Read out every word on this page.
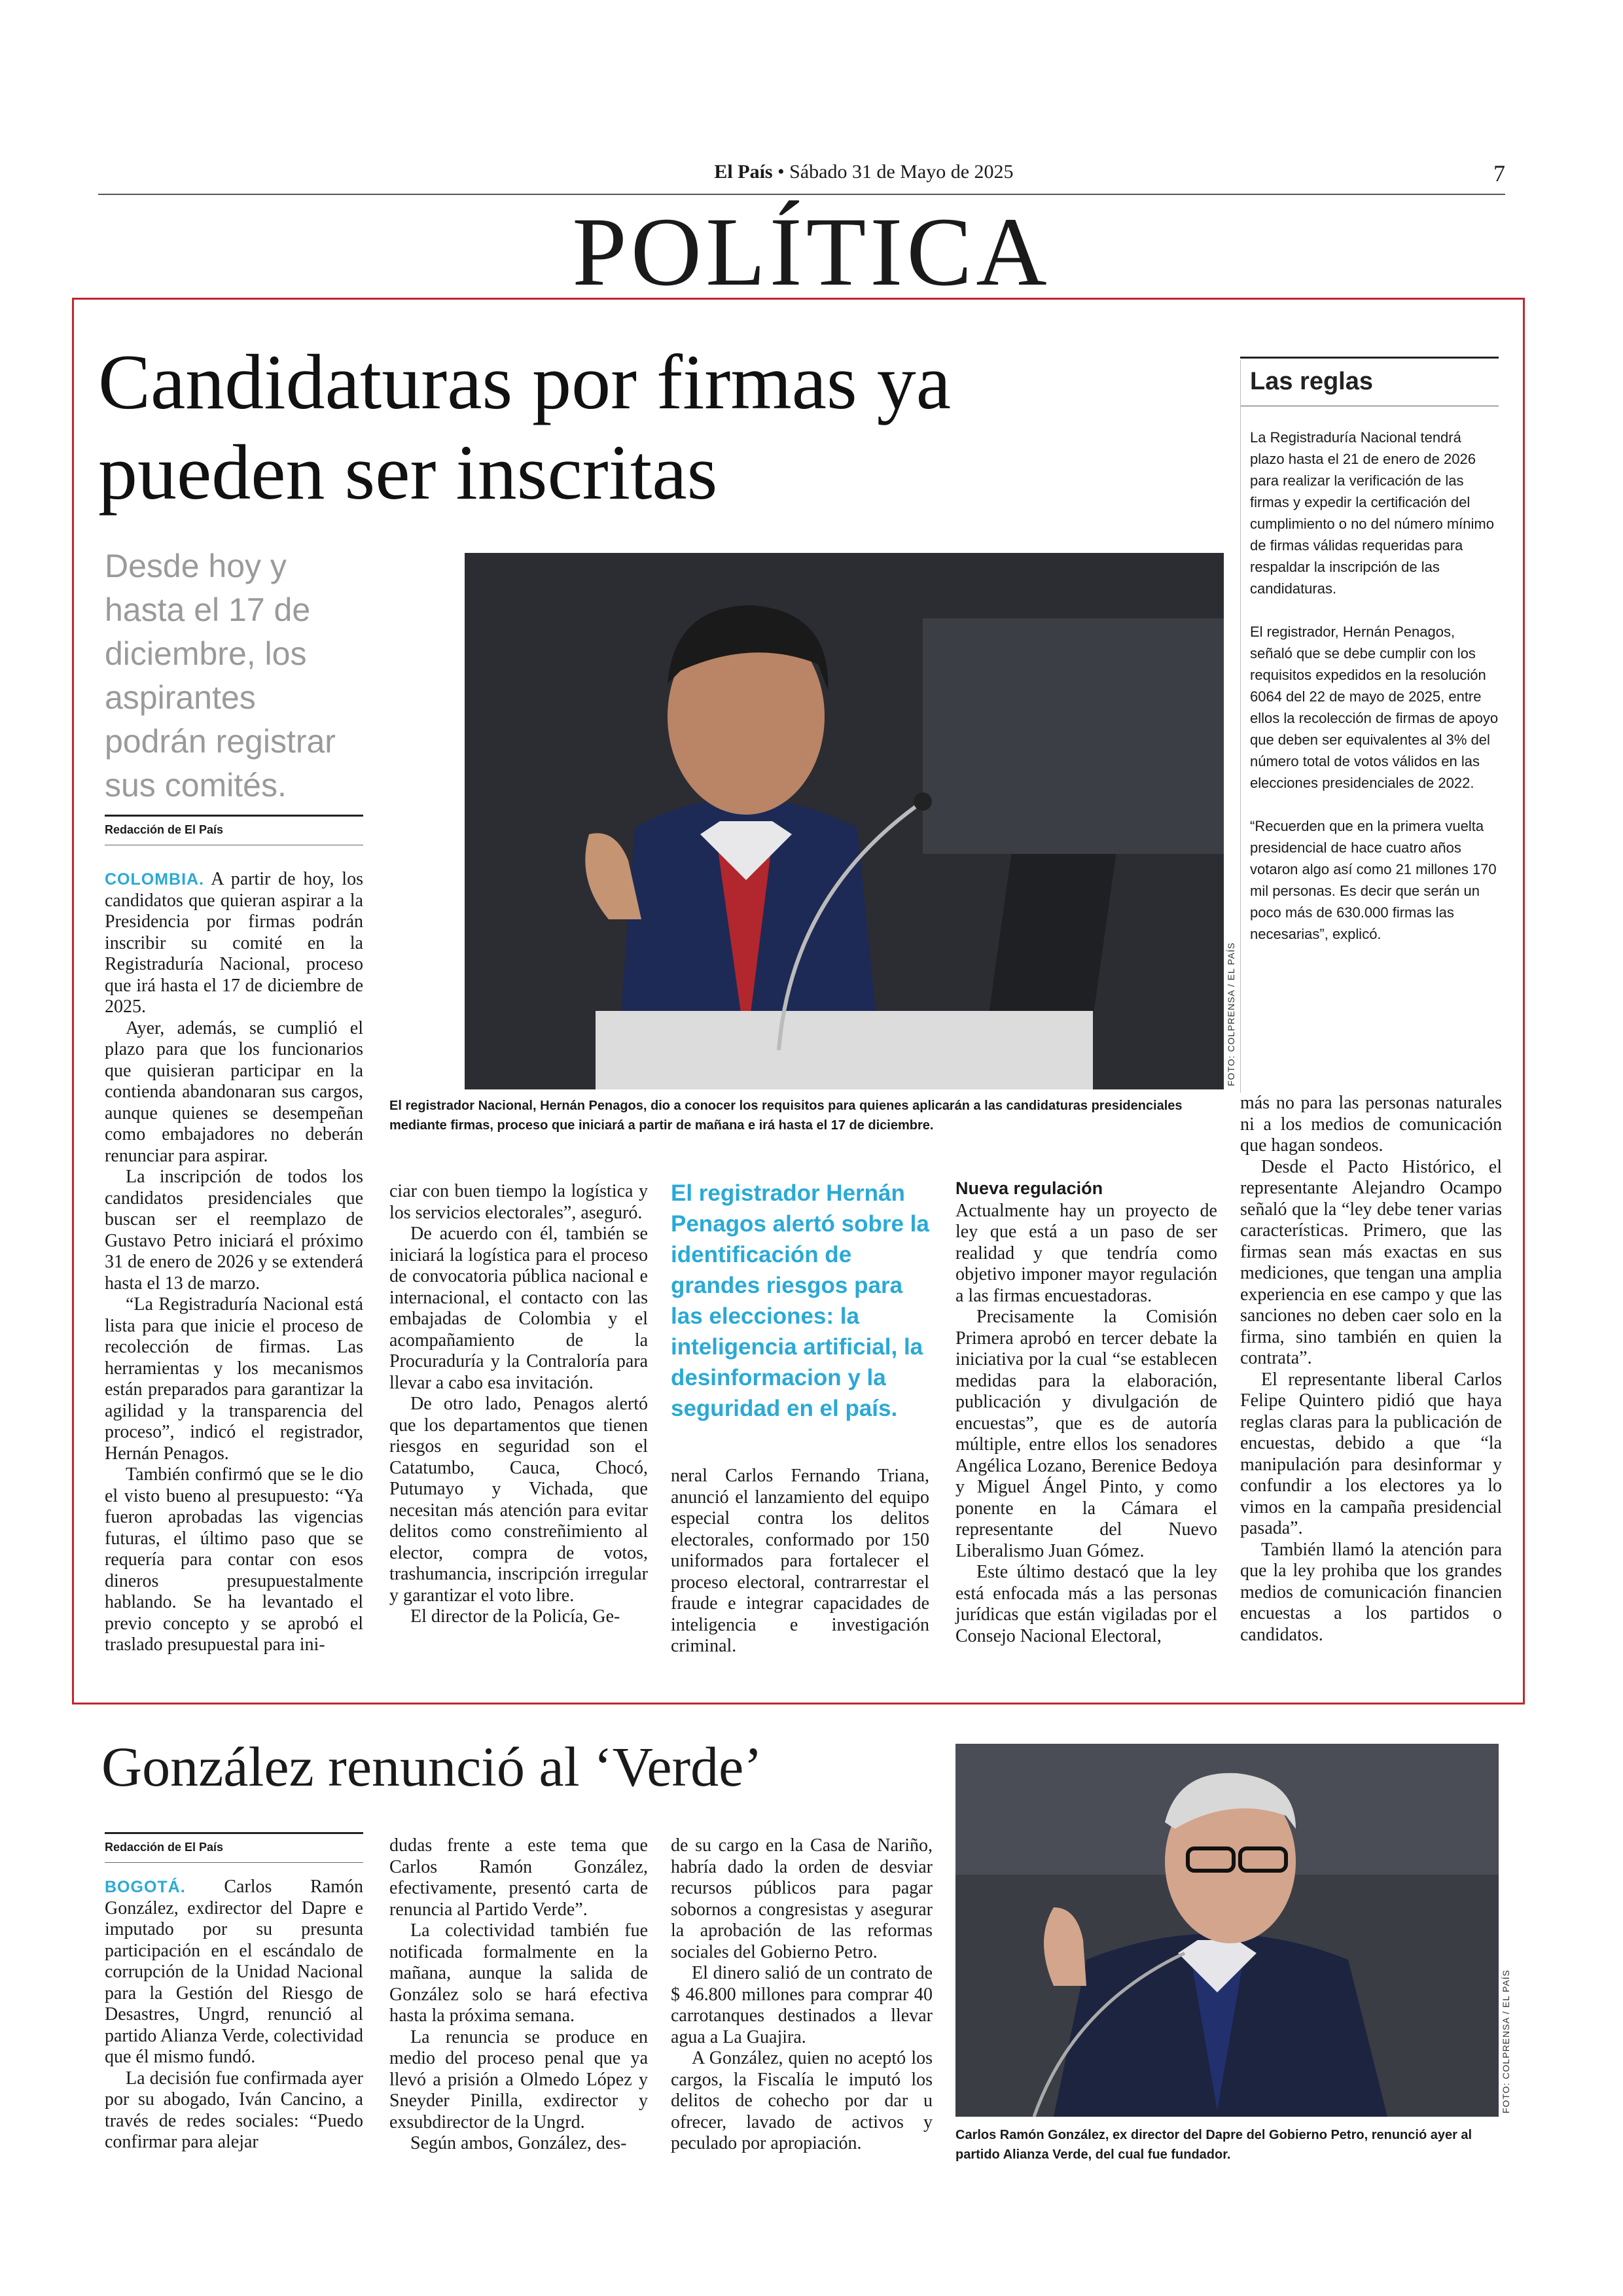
El País • Sábado 31 de Mayo de 2025	7
POLÍTICA
Candidaturas por firmas ya pueden ser inscritas
Desde hoy y hasta el 17 de diciembre, los aspirantes podrán registrar sus comités.
Redacción de El País
FOTO: COLPRENSA / EL PAÍS
El registrador Nacional, Hernán Penagos, dio a conocer los requisitos para quienes aplicarán a las candidaturas presidenciales mediante firmas, proceso que iniciará a partir de mañana e irá hasta el 17 de diciembre.
Las reglas

La Registraduría Nacional tendrá plazo hasta el 21 de enero de 2026 para realizar la verificación de las firmas y expedir la certificación del cumplimiento o no del número mínimo de firmas válidas requeridas para respaldar la inscripción de las candidaturas.

El registrador, Hernán Penagos, señaló que se debe cumplir con los requisitos expedidos en la resolución 6064 del 22 de mayo de 2025, entre ellos la recolección de firmas de apoyo que deben ser equivalentes al 3% del número total de votos válidos en las elecciones presidenciales de 2022.

“Recuerden que en la primera vuelta presidencial de hace cuatro años votaron algo así como 21 millones 170 mil personas. Es decir que serán un poco más de 630.000 firmas las necesarias”, explicó.

COLOMBIA. A partir de hoy, los candidatos que quieran aspirar a la Presidencia por firmas podrán inscribir su comité en la Registraduría Nacional, proceso que irá hasta el 17 de diciembre de 2025.

Ayer, además, se cumplió el plazo para que los funcionarios que quisieran participar en la contienda abandonaran sus cargos, aunque quienes se desempeñan como embajadores no deberán renunciar para aspirar.

La inscripción de todos los candidatos presidenciales que buscan ser el reemplazo de Gustavo Petro iniciará el próximo 31 de enero de 2026 y se extenderá hasta el 13 de marzo.

“La Registraduría Nacional está lista para que inicie el proceso de recolección de firmas. Las herramientas y los mecanismos están preparados para garantizar la agilidad y la transparencia del proceso”, indicó el registrador, Hernán Penagos.

También confirmó que se le dio el visto bueno al presupuesto: “Ya fueron aprobadas las vigencias futuras, el último paso que se requería para contar con esos dineros presupuestalmente hablando. Se ha levantado el previo concepto y se aprobó el traslado presupuestal para ini-

ciar con buen tiempo la logística y los servicios electorales”, aseguró.

De acuerdo con él, también se iniciará la logística para el proceso de convocatoria pública nacional e internacional, el contacto con las embajadas de Colombia y el acompañamiento de la Procuraduría y la Contraloría para llevar a cabo esa invitación.

De otro lado, Penagos alertó que los departamentos que tienen riesgos en seguridad son el Catatumbo, Cauca, Chocó, Putumayo y Vichada, que necesitan más atención para evitar delitos como constreñimiento al elector, compra de votos, trashumancia, inscripción irregular y garantizar el voto libre.

El director de la Policía, Ge-

El registrador Hernán Penagos alertó sobre la identificación de grandes riesgos para las elecciones: la inteligencia artificial, la desinformacion y la seguridad en el país.

neral Carlos Fernando Triana, anunció el lanzamiento del equipo especial contra los delitos electorales, conformado por 150 uniformados para fortalecer el proceso electoral, contrarrestar el fraude e integrar capacidades de inteligencia e investigación criminal.

Nueva regulación

Actualmente hay un proyecto de ley que está a un paso de ser realidad y que tendría como objetivo imponer mayor regulación a las firmas encuestadoras.

Precisamente la Comisión Primera aprobó en tercer debate la iniciativa por la cual “se establecen medidas para la elaboración, publicación y divulgación de encuestas”, que es de autoría múltiple, entre ellos los senadores Angélica Lozano, Berenice Bedoya y Miguel Ángel Pinto, y como ponente en la Cámara el representante del Nuevo Liberalismo Juan Gómez.

Este último destacó que la ley está enfocada más a las personas jurídicas que están vigiladas por el Consejo Nacional Electoral,

más no para las personas naturales ni a los medios de comunicación que hagan sondeos.

Desde el Pacto Histórico, el representante Alejandro Ocampo señaló que la “ley debe tener varias características. Primero, que las firmas sean más exactas en sus mediciones, que tengan una amplia experiencia en ese campo y que las sanciones no deben caer solo en la firma, sino también en quien la contrata”.

El representante liberal Carlos Felipe Quintero pidió que haya reglas claras para la publicación de encuestas, debido a que “la manipulación para desinformar y confundir a los electores ya lo vimos en la campaña presidencial pasada”.

También llamó la atención para que la ley prohiba que los grandes medios de comunicación financien encuestas a los partidos o candidatos.

González renunció al ‘Verde’
Redacción de El País

BOGOTÁ. Carlos Ramón González, exdirector del Dapre e imputado por su presunta participación en el escándalo de corrupción de la Unidad Nacional para la Gestión del Riesgo de Desastres, Ungrd, renunció al partido Alianza Verde, colectividad que él mismo fundó.

La decisión fue confirmada ayer por su abogado, Iván Cancino, a través de redes sociales: “Puedo confirmar para alejar

dudas frente a este tema que Carlos Ramón González, efectivamente, presentó carta de renuncia al Partido Verde”.

La colectividad también fue notificada formalmente en la mañana, aunque la salida de González solo se hará efectiva hasta la próxima semana.

La renuncia se produce en medio del proceso penal que ya llevó a prisión a Olmedo López y Sneyder Pinilla, exdirector y exsubdirector de la Ungrd.

Según ambos, González, des-

de su cargo en la Casa de Nariño, habría dado la orden de desviar recursos públicos para pagar sobornos a congresistas y asegurar la aprobación de las reformas sociales del Gobierno Petro.

El dinero salió de un contrato de $ 46.800 millones para comprar 40 carrotanques destinados a llevar agua a La Guajira.

A González, quien no aceptó los cargos, la Fiscalía le imputó los delitos de cohecho por dar u ofrecer, lavado de activos y peculado por apropiación.

FOTO: COLPRENSA / EL PAÍS
Carlos Ramón González, ex director del Dapre del Gobierno Petro, renunció ayer al partido Alianza Verde, del cual fue fundador.
